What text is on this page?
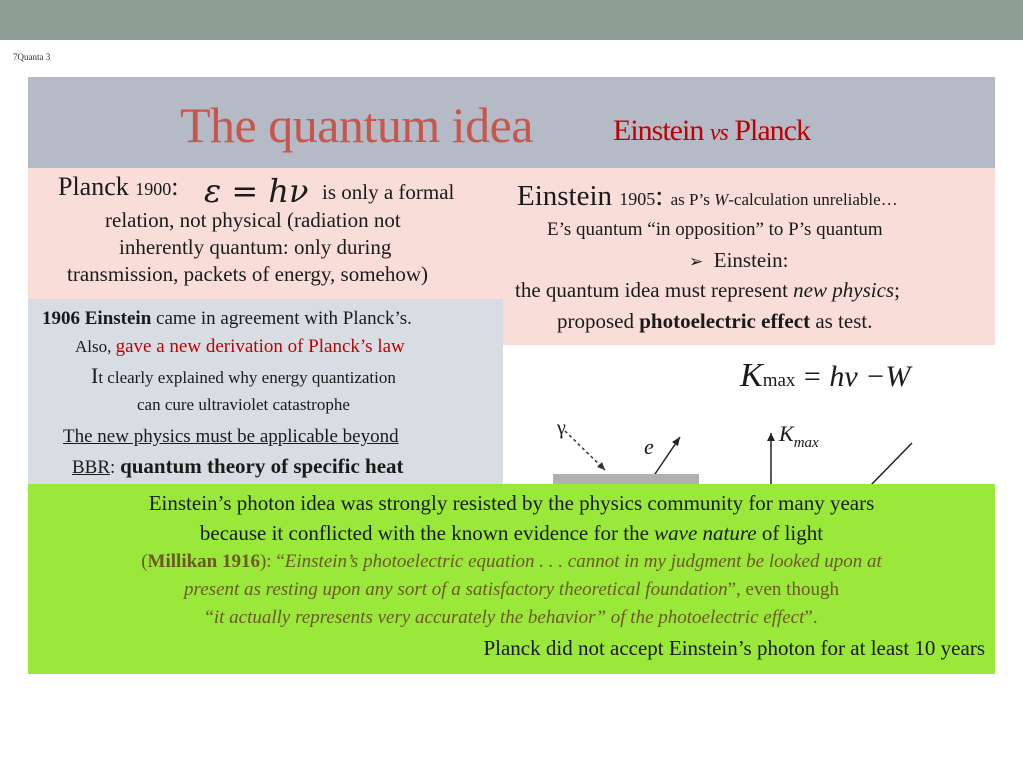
7Quanta 3
The quantum idea	Einstein vs Planck
Planck 1900: ε = hν is only a formal
relation, not physical (radiation not
inherently quantum: only during
transmission, packets of energy, somehow)
Einstein 1905: as P’s W-calculation unreliable…
E’s quantum “in opposition” to P’s quantum
➢ Einstein:
the quantum idea must represent new physics;
proposed photoelectric effect as test.
1906 Einstein came in agreement with Planck’s.
Also, gave a new derivation of Planck’s law
It clearly explained why energy quantization
can cure ultraviolet catastrophe
The new physics must be applicable beyond
BBR: quantum theory of specific heat
Kmax = hν −W
γ
e
$K_{max}$
Einstein’s photon idea was strongly resisted by the physics community for many years
because it conflicted with the known evidence for the wave nature of light
(Millikan 1916): “Einstein’s photoelectric equation . . . cannot in my judgment be looked upon at
present as resting upon any sort of a satisfactory theoretical foundation”, even though
“it actually represents very accurately the behavior” of the photoelectric effect”.
Planck did not accept Einstein’s photon for at least 10 years
